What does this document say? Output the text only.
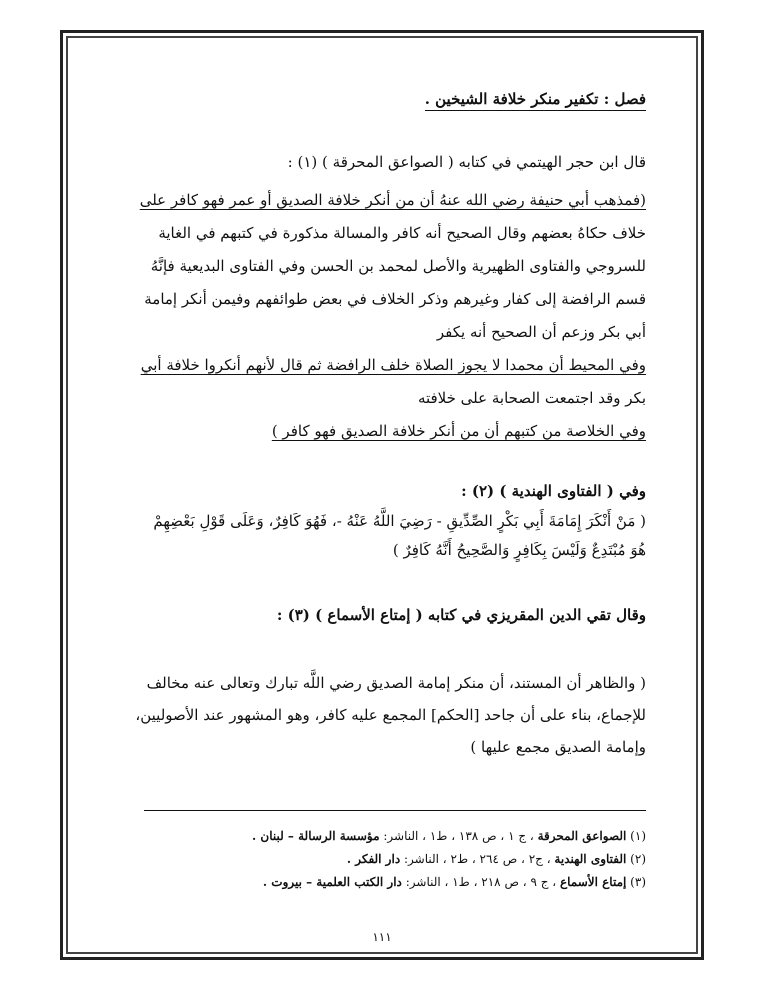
فصل : تكفير منكر خلافة الشيخين .
قال ابن حجر الهيتمي في كتابه ( الصواعق المحرقة ) (١) :
(فمذهب أبي حنيفة رضي الله عنهُ أن من أنكر خلافة الصديق أو عمر فهو كافر على
خلاف حكاهُ بعضهم وقال الصحيح أنه كافر والمسالة مذكورة في كتبهم في الغاية
للسروجي والفتاوى الظهيرية والأصل لمحمد بن الحسن وفي الفتاوى البديعية فإنَّهُ
قسم الرافضة إلى كفار وغيرهم وذكر الخلاف في بعض طوائفهم وفيمن أنكر إمامة
أبي بكر وزعم أن الصحيح أنه يكفر
وفي المحيط أن محمدا لا يجوز الصلاة خلف الرافضة ثم قال لأنهم أنكروا خلافة أبي
بكر وقد اجتمعت الصحابة على خلافته
وفي الخلاصة من كتبهم أن من أنكر خلافة الصديق فهو كافر )
وفي ( الفتاوى الهندية ) (٢) :
( مَنْ أَنْكَرَ إِمَامَةَ أَبِي بَكْرٍ الصِّدِّيقِ - رَضِيَ اللَّهُ عَنْهُ -، فَهُوَ كَافِرٌ، وَعَلَى قَوْلِ بَعْضِهِمْ
هُوَ مُبْتَدِعٌ وَلَيْسَ بِكَافِرٍ وَالصَّحِيحُ أَنَّهُ كَافِرٌ )
وقال تقي الدين المقريزي في كتابه ( إمتاع الأسماع ) (٣) :
( والظاهر أن المستند، أن منكر إمامة الصديق رضي اللَّه تبارك وتعالى عنه مخالف
للإجماع، بناء على أن جاحد [الحكم] المجمع عليه كافر، وهو المشهور عند الأصوليين،
وإمامة الصديق مجمع عليها )
(١) الصواعق المحرقة ، ج ١ ، ص ١٣٨ ، ط١ ، الناشر: مؤسسة الرسالة – لبنان .
(٢) الفتاوى الهندية ، ج٢ ، ص ٢٦٤ ، ط٢ ، الناشر: دار الفكر .
(٣) إمتاع الأسماع ، ج ٩ ، ص ٢١٨ ، ط١ ، الناشر: دار الكتب العلمية – بيروت .
١١١
